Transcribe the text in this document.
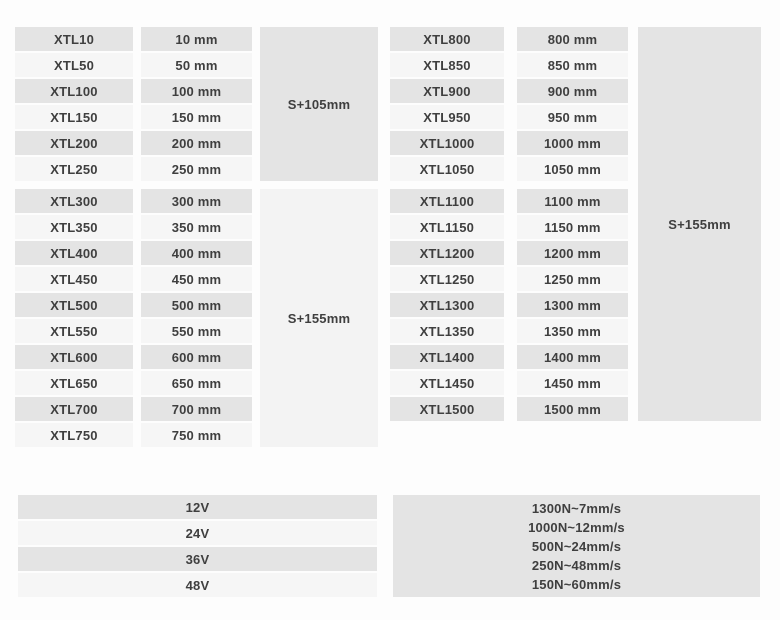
XTL10
XTL50
XTL100
XTL150
XTL200
XTL250
XTL300
XTL350
XTL400
XTL450
XTL500
XTL550
XTL600
XTL650
XTL700
XTL750
10 mm
50 mm
100 mm
150 mm
200 mm
250 mm
300 mm
350 mm
400 mm
450 mm
500 mm
550 mm
600 mm
650 mm
700 mm
750 mm
S+105mm
S+155mm
XTL800
XTL850
XTL900
XTL950
XTL1000
XTL1050
XTL1100
XTL1150
XTL1200
XTL1250
XTL1300
XTL1350
XTL1400
XTL1450
XTL1500
800 mm
850 mm
900 mm
950 mm
1000 mm
1050 mm
1100 mm
1150 mm
1200 mm
1250 mm
1300 mm
1350 mm
1400 mm
1450 mm
1500 mm
S+155mm
12V
24V
36V
48V
1300N~7mm/s
1000N~12mm/s
500N~24mm/s
250N~48mm/s
150N~60mm/s
